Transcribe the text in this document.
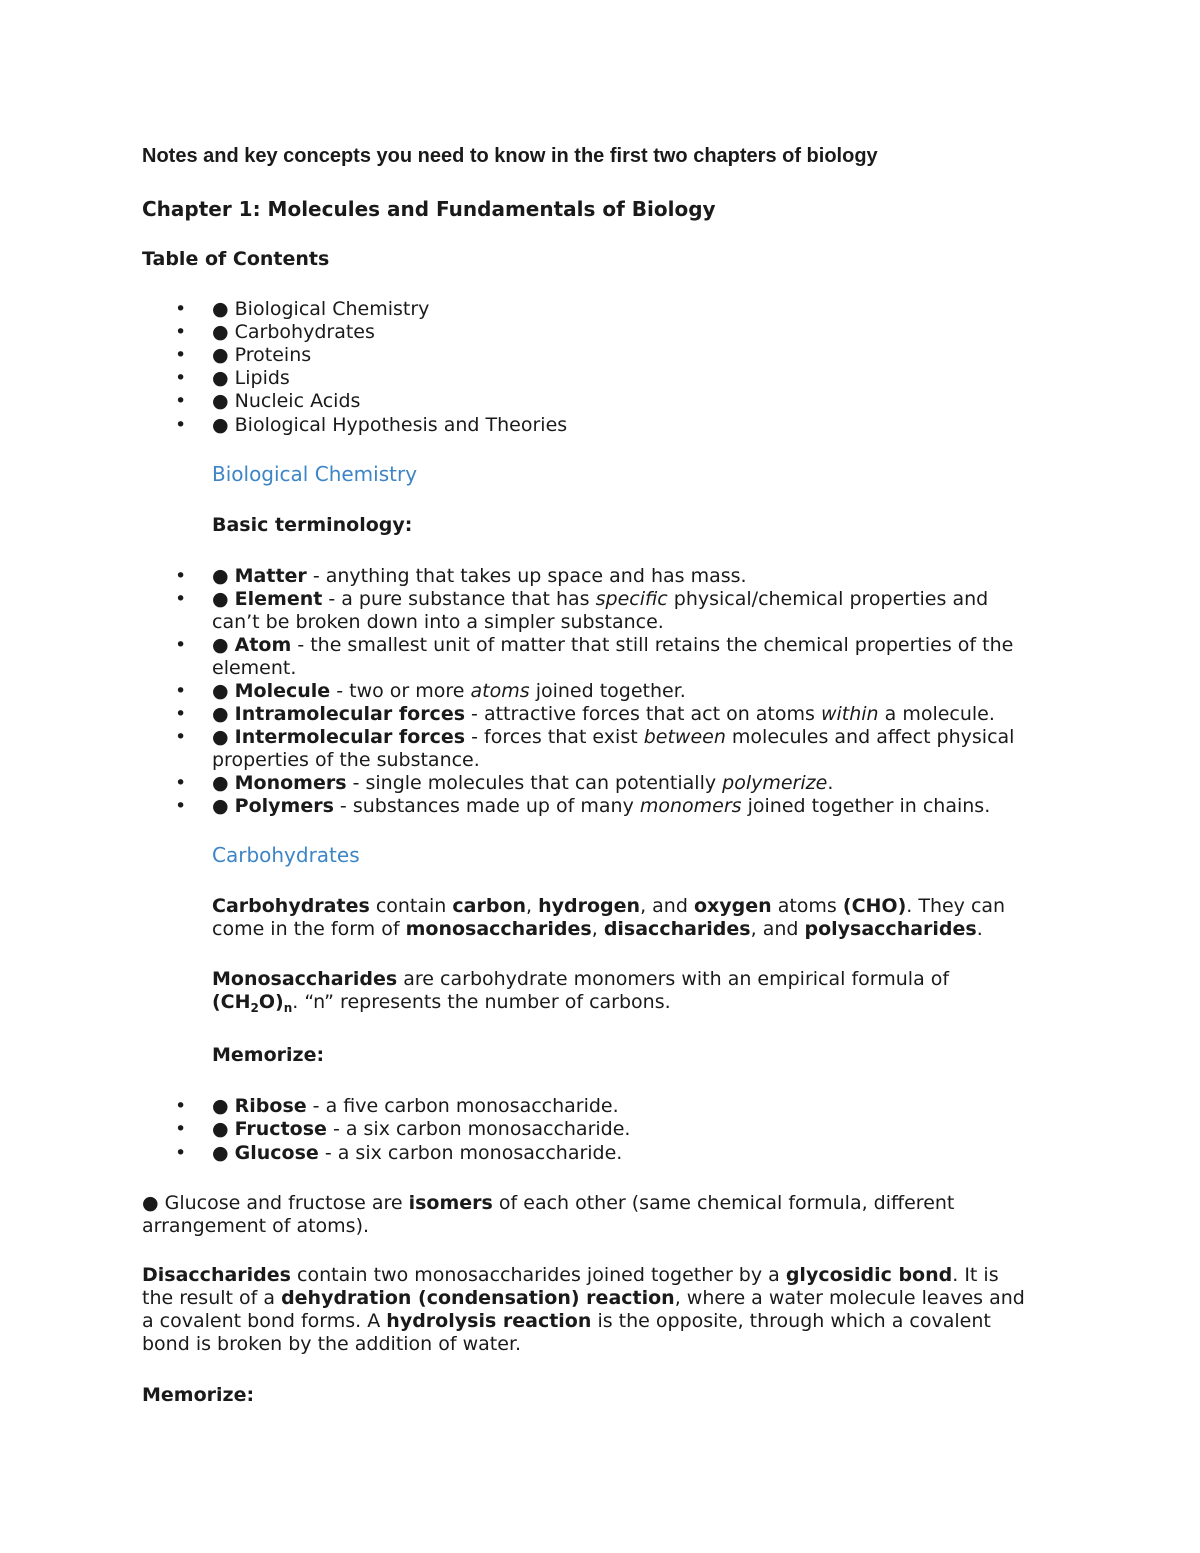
Notes and key concepts you need to know in the first two chapters of biology
Chapter 1: Molecules and Fundamentals of Biology
Table of Contents
• ● Biological Chemistry
• ● Carbohydrates
• ● Proteins
• ● Lipids
• ● Nucleic Acids
• ● Biological Hypothesis and Theories
Biological Chemistry
Basic terminology:
• ● Matter - anything that takes up space and has mass.
• ● Element - a pure substance that has specific physical/chemical properties and
can’t be broken down into a simpler substance.
• ● Atom - the smallest unit of matter that still retains the chemical properties of the
element.
• ● Molecule - two or more atoms joined together.
• ● Intramolecular forces - attractive forces that act on atoms within a molecule.
• ● Intermolecular forces - forces that exist between molecules and affect physical
properties of the substance.
• ● Monomers - single molecules that can potentially polymerize.
• ● Polymers - substances made up of many monomers joined together in chains.
Carbohydrates
Carbohydrates contain carbon, hydrogen, and oxygen atoms (CHO). They can
come in the form of monosaccharides, disaccharides, and polysaccharides.
Monosaccharides are carbohydrate monomers with an empirical formula of
$(CH_2O)_n$. “n” represents the number of carbons.
Memorize:
• ● Ribose - a five carbon monosaccharide.
• ● Fructose - a six carbon monosaccharide.
• ● Glucose - a six carbon monosaccharide.
● Glucose and fructose are isomers of each other (same chemical formula, different
arrangement of atoms).
Disaccharides contain two monosaccharides joined together by a glycosidic bond. It is
the result of a dehydration (condensation) reaction, where a water molecule leaves and
a covalent bond forms. A hydrolysis reaction is the opposite, through which a covalent
bond is broken by the addition of water.
Memorize:
